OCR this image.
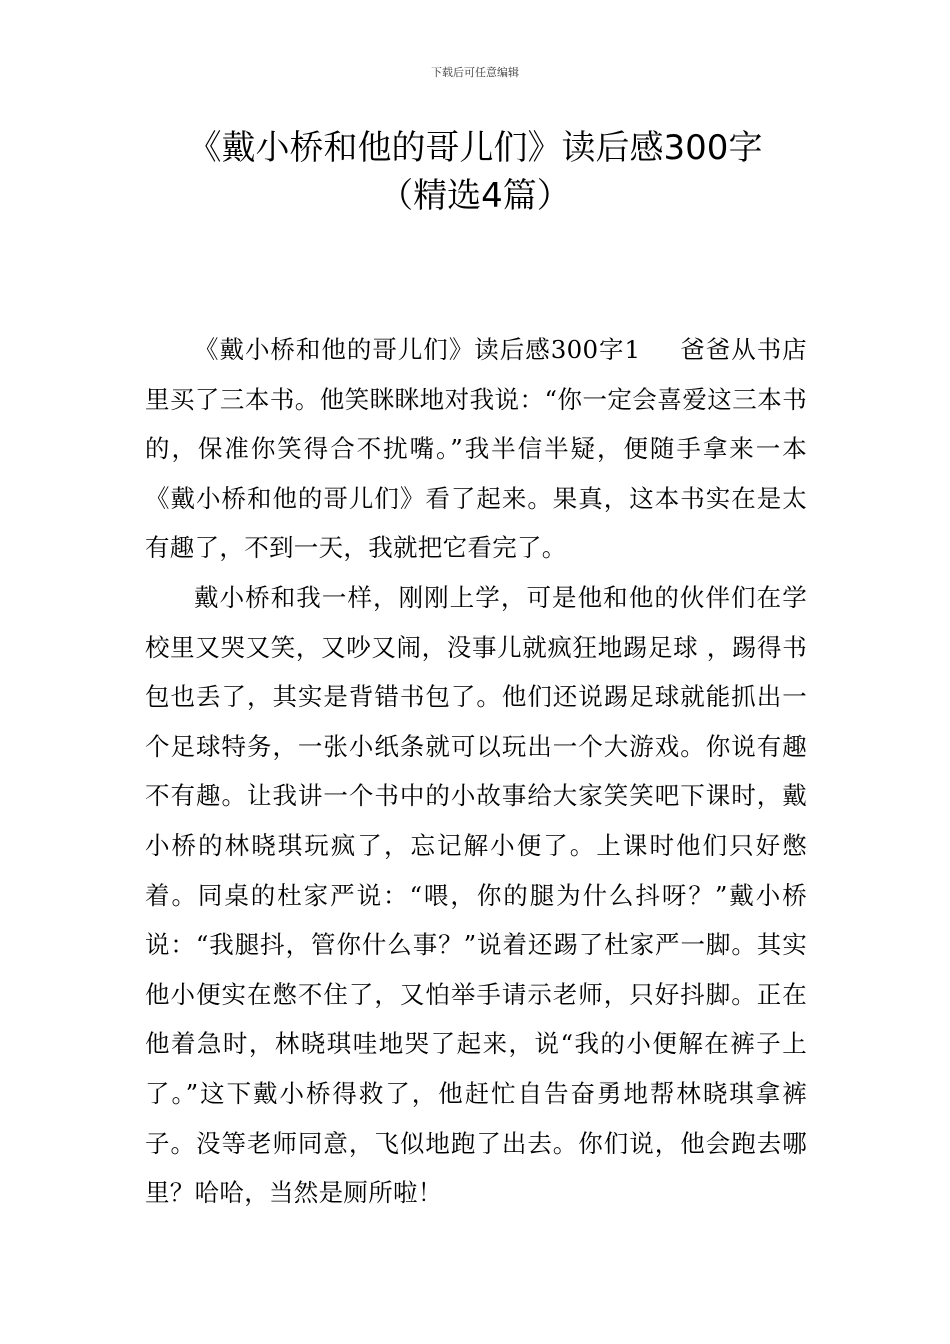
下载后可任意编辑
《戴小桥和他的哥儿们》读后感300字
（精选4篇）

《戴小桥和他的哥儿们》读后感300字1 爸爸从书店里买了三本书。他笑眯眯地对我说：“你一定会喜爱这三本书的，保准你笑得合不扰嘴。”我半信半疑，便随手拿来一本《戴小桥和他的哥儿们》看了起来。果真，这本书实在是太有趣了，不到一天，我就把它看完了。

戴小桥和我一样，刚刚上学，可是他和他的伙伴们在学校里又哭又笑，又吵又闹，没事儿就疯狂地踢足球 ，踢得书包也丢了，其实是背错书包了。他们还说踢足球就能抓出一个足球特务，一张小纸条就可以玩出一个大游戏。你说有趣不有趣。让我讲一个书中的小故事给大家笑笑吧下课时，戴小桥的林晓琪玩疯了，忘记解小便了。上课时他们只好憋着。同桌的杜家严说：“喂，你的腿为什么抖呀？”戴小桥说：“我腿抖，管你什么事？”说着还踢了杜家严一脚。其实他小便实在憋不住了，又怕举手请示老师，只好抖脚。正在他着急时，林晓琪哇地哭了起来，说“我的小便解在裤子上了。”这下戴小桥得救了，他赶忙自告奋勇地帮林晓琪拿裤子。没等老师同意，飞似地跑了出去。你们说，他会跑去哪里？哈哈，当然是厕所啦！
